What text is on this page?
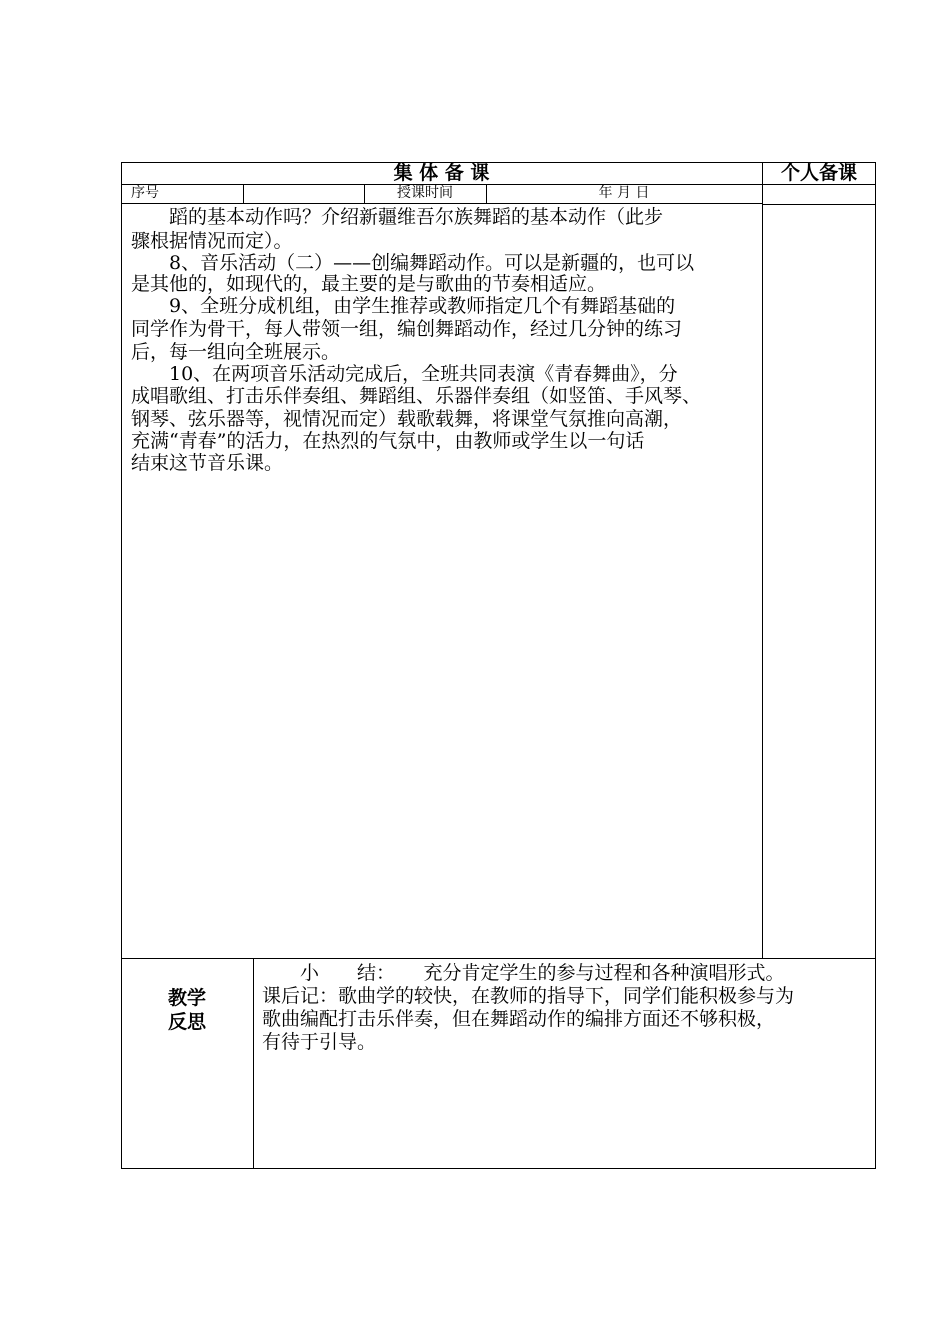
集 体 备 课	个人备课
序号	授课时间	年 月 日
　　蹈的基本动作吗？介绍新疆维吾尔族舞蹈的基本动作（此步
骤根据情况而定）。
　　8、音乐活动（二）——创编舞蹈动作。可以是新疆的，也可以
是其他的，如现代的，最主要的是与歌曲的节奏相适应。
　　9、全班分成机组，由学生推荐或教师指定几个有舞蹈基础的
同学作为骨干，每人带领一组，编创舞蹈动作，经过几分钟的练习
后，每一组向全班展示。
　　10、在两项音乐活动完成后，全班共同表演《青春舞曲》，分
成唱歌组、打击乐伴奏组、舞蹈组、乐器伴奏组（如竖笛、手风琴、
钢琴、弦乐器等，视情况而定）载歌载舞，将课堂气氛推向高潮，
充满“青春”的活力，在热烈的气氛中，由教师或学生以一句话
结束这节音乐课。
教学
反思
　　小　　结：　　充分肯定学生的参与过程和各种演唱形式。
课后记：歌曲学的较快，在教师的指导下，同学们能积极参与为
歌曲编配打击乐伴奏，但在舞蹈动作的编排方面还不够积极，
有待于引导。
